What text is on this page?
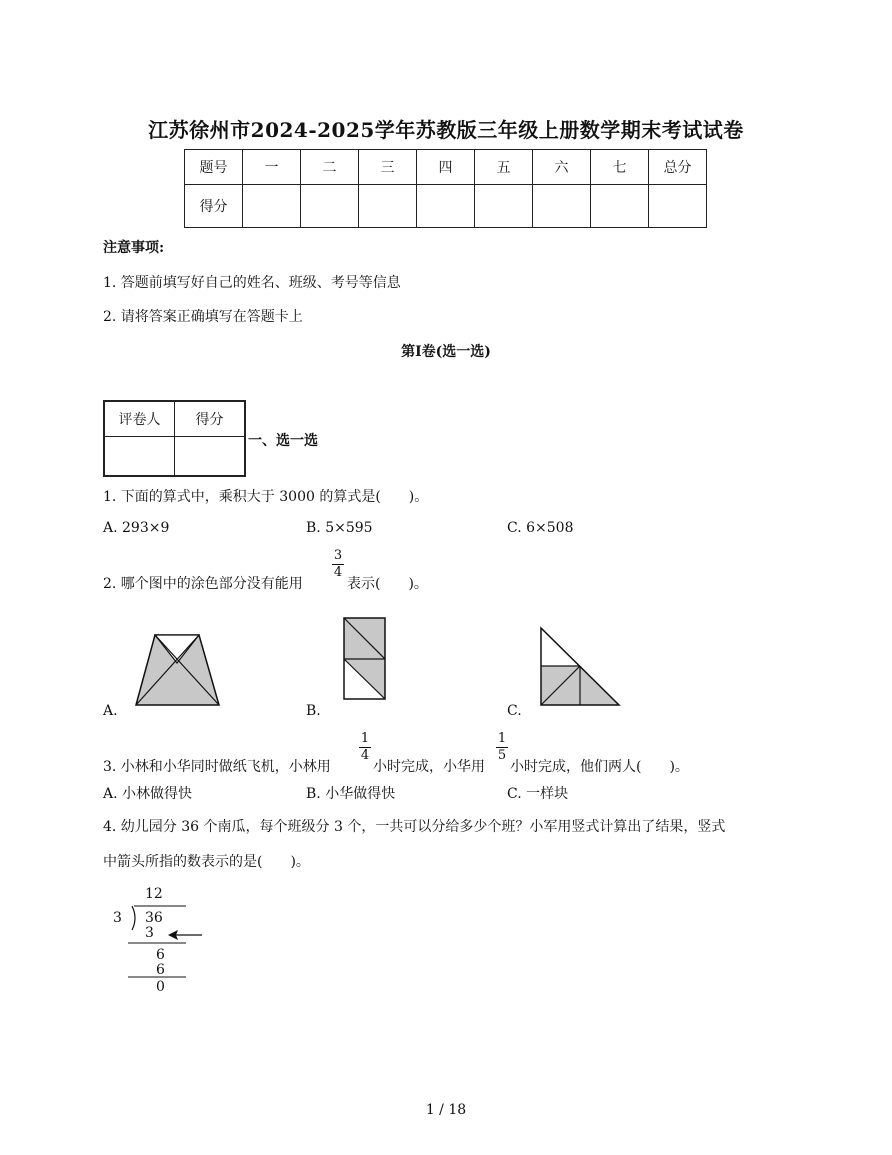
江苏徐州市2024-2025学年苏教版三年级上册数学期末考试试卷
题号	一	二	三	四	五	六	七	总分
得分								
注意事项:
1. 答题前填写好自己的姓名、班级、考号等信息
2. 请将答案正确填写在答题卡上
第I卷(选一选)
评卷人	得分

一、选一选
1. 下面的算式中，乘积大于 3000 的算式是(　　)。
A. 293×9	B. 5×595	C. 6×508
2. 哪个图中的涂色部分没有能用
3
4
表示(　　)。
A.	B.	C.
3. 小林和小华同时做纸飞机，小林用
1
4
小时完成，小华用
1
5
小时完成，他们两人(　　)。
A. 小林做得快	B. 小华做得快	C. 一样块
4. 幼儿园分 36 个南瓜，每个班级分 3 个，一共可以分给多少个班？小军用竖式计算出了结果，竖式
中箭头所指的数表示的是(　　)。
12
3 36
3
6
6
0
1 / 18
